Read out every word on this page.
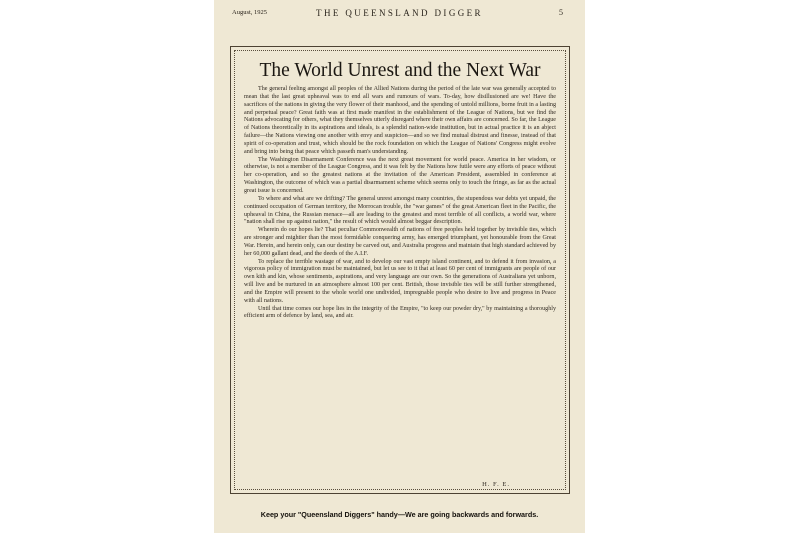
August, 1925	THE QUEENSLAND DIGGER	5
The World Unrest and the Next War

The general feeling amongst all peoples of the Allied Nations during the period of the late war was generally accepted to mean that the last great upheaval was to end all wars and rumours of wars. To-day, how disillusioned are we! Have the sacrifices of the nations in giving the very flower of their manhood, and the spending of untold millions, borne fruit in a lasting and perpetual peace? Great faith was at first made manifest in the establishment of the League of Nations, but we find the Nations advocating for others, what they themselves utterly disregard where their own affairs are concerned. So far, the League of Nations theoretically in its aspirations and ideals, is a splendid nation-wide institution, but in actual practice it is an abject failure—the Nations viewing one another with envy and suspicion—and so we find mutual distrust and finesse, instead of that spirit of co-operation and trust, which should be the rock foundation on which the League of Nations' Congress might evolve and bring into being that peace which passeth man's understanding.

The Washington Disarmament Conference was the next great movement for world peace. America in her wisdom, or otherwise, is not a member of the League Congress, and it was felt by the Nations how futile were any efforts of peace without her co-operation, and so the greatest nations at the invitation of the American President, assembled in conference at Washington, the outcome of which was a partial disarmament scheme which seems only to touch the fringe, as far as the actual great issue is concerned.

To where and what are we drifting? The general unrest amongst many countries, the stupendous war debts yet unpaid, the continued occupation of German territory, the Morrocan trouble, the "war games" of the great American fleet in the Pacific, the upheaval in China, the Russian menace—all are leading to the greatest and most terrible of all conflicts, a world war, where "nation shall rise up against nation," the result of which would almost beggar description.

Wherein do our hopes lie? That peculiar Commonwealth of nations of free peoples held together by invisible ties, which are stronger and mightier than the most formidable conquering army, has emerged triumphant, yet honourable from the Great War. Herein, and herein only, can our destiny be carved out, and Australia progress and maintain that high standard achieved by her 60,000 gallant dead, and the deeds of the A.I.F.

To replace the terrible wastage of war, and to develop our vast empty island continent, and to defend it from invasion, a vigorous policy of immigration must be maintained, but let us see to it that at least 60 per cent of immigrants are people of our own kith and kin, whose sentiments, aspirations, and very language are our own. So the generations of Australians yet unborn, will live and be nurtured in an atmosphere almost 100 per cent. British, those invisible ties will be still further strengthened, and the Empire will present to the whole world one undivided, impregnable people who desire to live and progress in Peace with all nations.

Until that time comes our hope lies in the integrity of the Empire, "to keep our powder dry," by maintaining a thoroughly efficient arm of defence by land, sea, and air.

H. F. E.
Keep your "Queensland Diggers" handy—We are going backwards and forwards.
